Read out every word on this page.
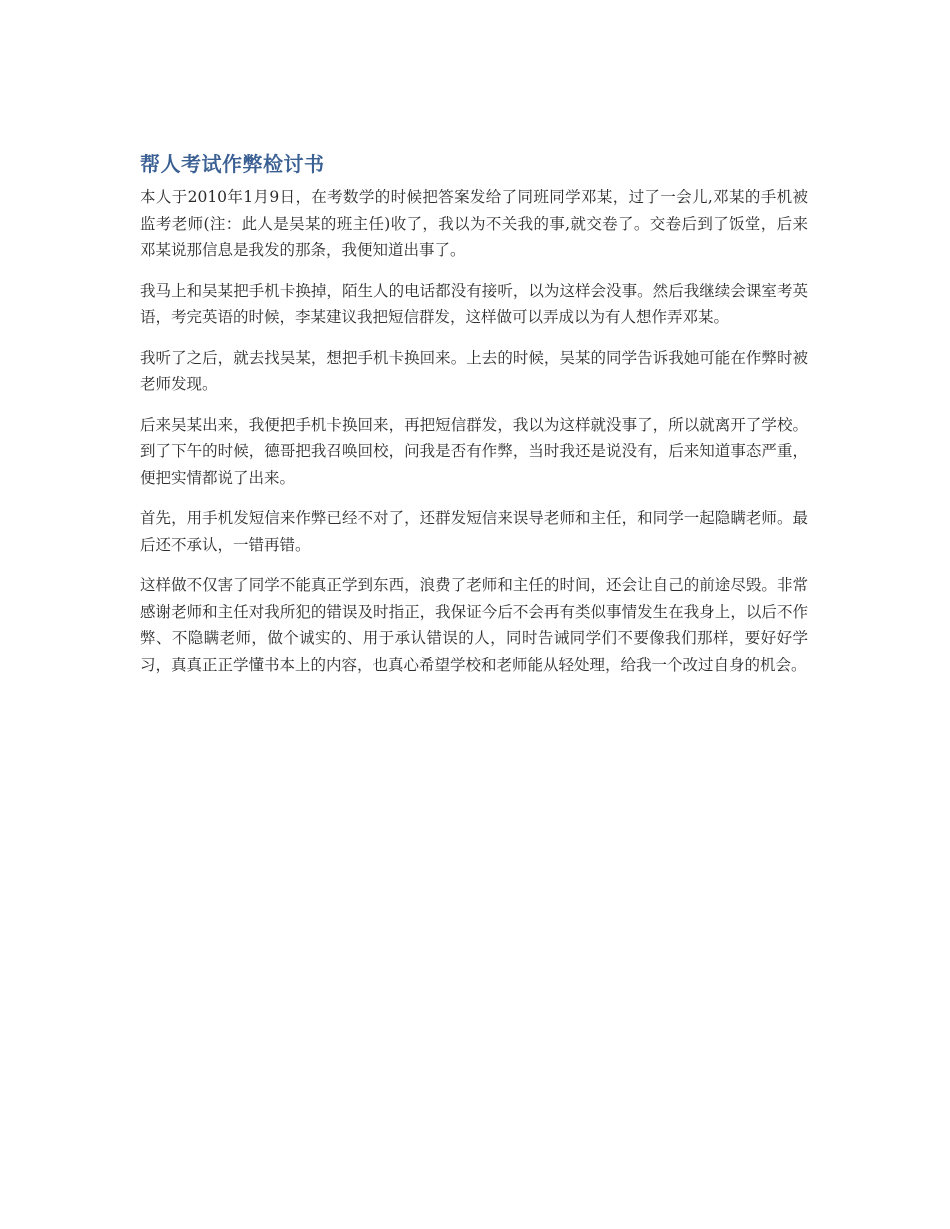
帮人考试作弊检讨书

本人于2010年1月9日，在考数学的时候把答案发给了同班同学邓某，过了一会儿,邓某的手机被监考老师(注：此人是吴某的班主任)收了，我以为不关我的事,就交卷了。交卷后到了饭堂，后来邓某说那信息是我发的那条，我便知道出事了。

我马上和吴某把手机卡换掉，陌生人的电话都没有接听，以为这样会没事。然后我继续会课室考英语，考完英语的时候，李某建议我把短信群发，这样做可以弄成以为有人想作弄邓某。

我听了之后，就去找吴某，想把手机卡换回来。上去的时候，吴某的同学告诉我她可能在作弊时被老师发现。

后来吴某出来，我便把手机卡换回来，再把短信群发，我以为这样就没事了，所以就离开了学校。到了下午的时候，德哥把我召唤回校，问我是否有作弊，当时我还是说没有，后来知道事态严重，便把实情都说了出来。

首先，用手机发短信来作弊已经不对了，还群发短信来误导老师和主任，和同学一起隐瞒老师。最后还不承认，一错再错。

这样做不仅害了同学不能真正学到东西，浪费了老师和主任的时间，还会让自己的前途尽毁。非常感谢老师和主任对我所犯的错误及时指正，我保证今后不会再有类似事情发生在我身上，以后不作弊、不隐瞒老师，做个诚实的、用于承认错误的人，同时告诫同学们不要像我们那样，要好好学习，真真正正学懂书本上的内容，也真心希望学校和老师能从轻处理，给我一个改过自身的机会。
